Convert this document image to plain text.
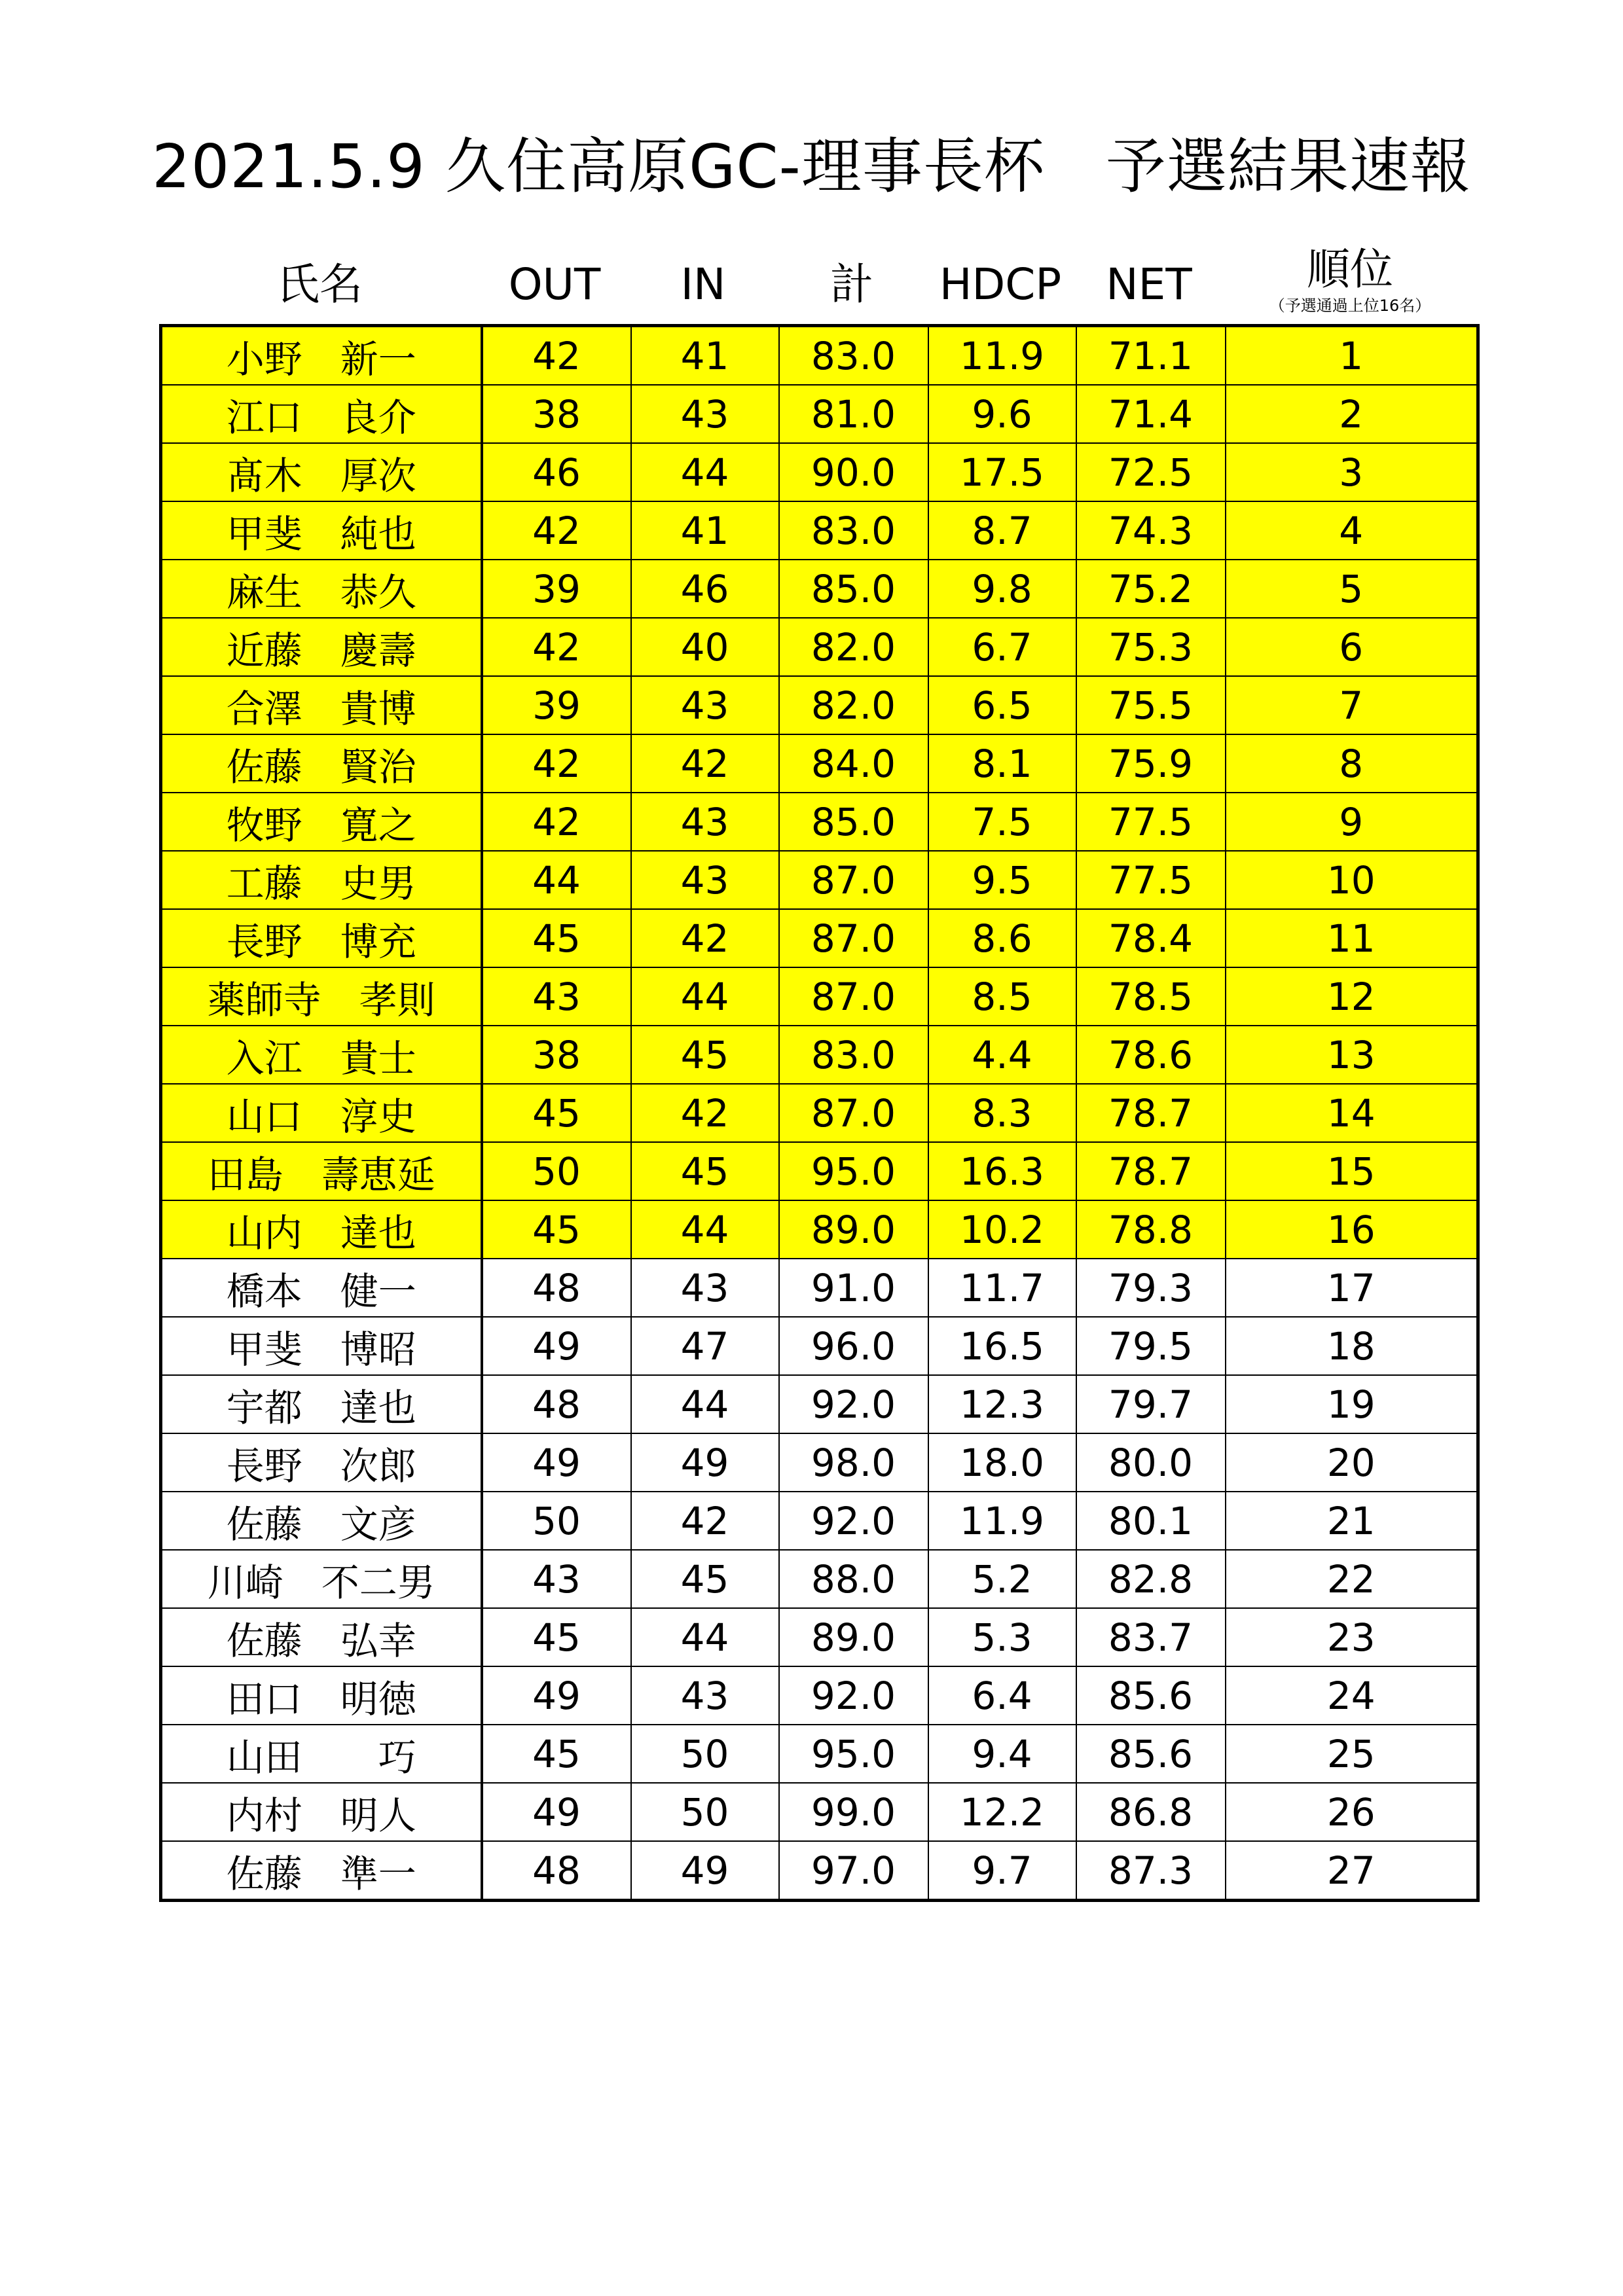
2021.5.9 久住高原GC-理事長杯　予選結果速報
氏名	OUT	IN	計	HDCP	NET	順位
（予選通過上位16名）
小野　新一	42	41	83.0	11.9	71.1	1
江口　良介	38	43	81.0	9.6	71.4	2
髙木　厚次	46	44	90.0	17.5	72.5	3
甲斐　純也	42	41	83.0	8.7	74.3	4
麻生　恭久	39	46	85.0	9.8	75.2	5
近藤　慶壽	42	40	82.0	6.7	75.3	6
合澤　貴博	39	43	82.0	6.5	75.5	7
佐藤　賢治	42	42	84.0	8.1	75.9	8
牧野　寛之	42	43	85.0	7.5	77.5	9
工藤　史男	44	43	87.0	9.5	77.5	10
長野　博充	45	42	87.0	8.6	78.4	11
薬師寺　孝則	43	44	87.0	8.5	78.5	12
入江　貴士	38	45	83.0	4.4	78.6	13
山口　淳史	45	42	87.0	8.3	78.7	14
田島　壽恵延	50	45	95.0	16.3	78.7	15
山内　達也	45	44	89.0	10.2	78.8	16
橋本　健一	48	43	91.0	11.7	79.3	17
甲斐　博昭	49	47	96.0	16.5	79.5	18
宇都　達也	48	44	92.0	12.3	79.7	19
長野　次郎	49	49	98.0	18.0	80.0	20
佐藤　文彦	50	42	92.0	11.9	80.1	21
川崎　不二男	43	45	88.0	5.2	82.8	22
佐藤　弘幸	45	44	89.0	5.3	83.7	23
田口　明徳	49	43	92.0	6.4	85.6	24
山田　　巧	45	50	95.0	9.4	85.6	25
内村　明人	49	50	99.0	12.2	86.8	26
佐藤　準一	48	49	97.0	9.7	87.3	27
